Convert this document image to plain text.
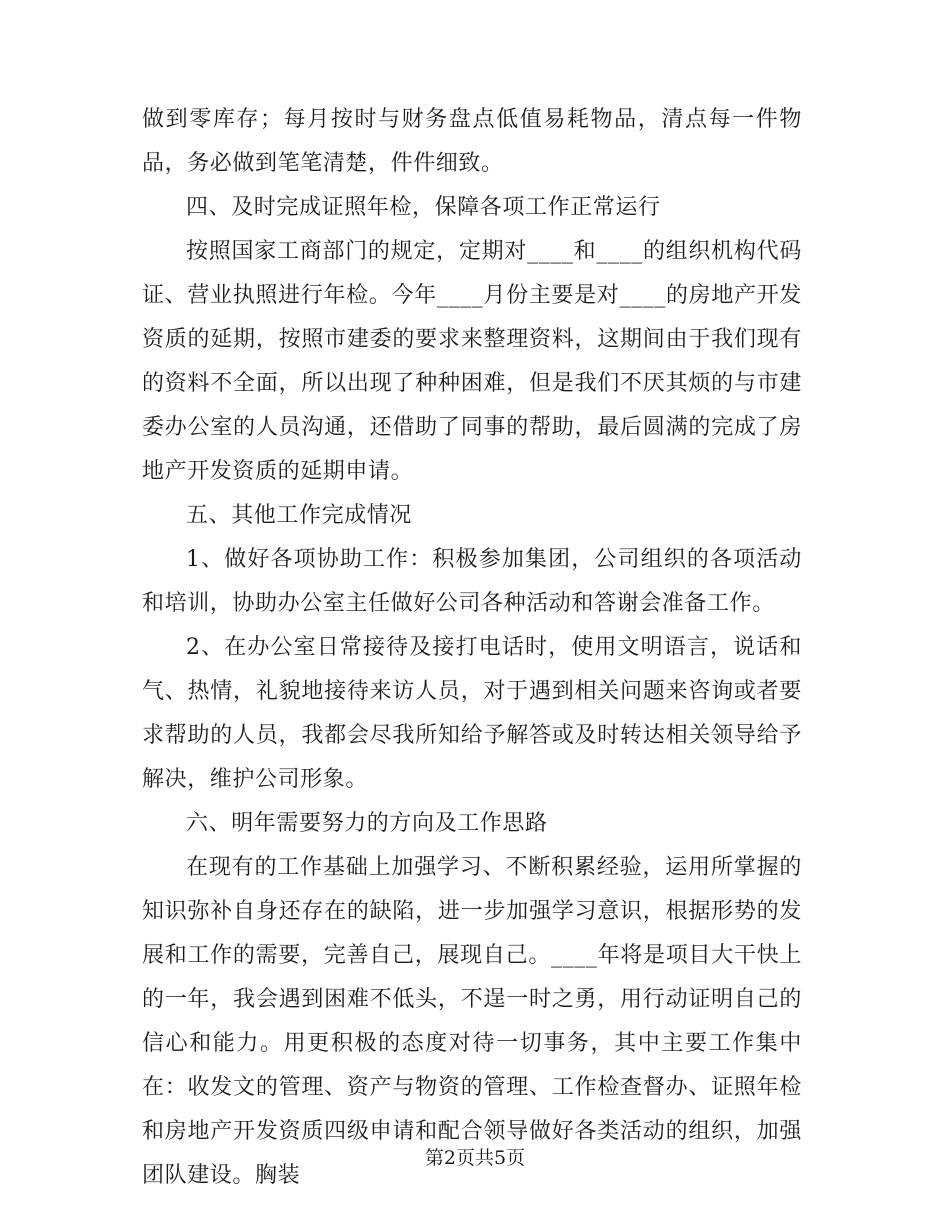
做到零库存；每月按时与财务盘点低值易耗物品，清点每一件物品，务必做到笔笔清楚，件件细致。

四、及时完成证照年检，保障各项工作正常运行

按照国家工商部门的规定，定期对____和____的组织机构代码证、营业执照进行年检。今年____月份主要是对____的房地产开发资质的延期，按照市建委的要求来整理资料，这期间由于我们现有的资料不全面，所以出现了种种困难，但是我们不厌其烦的与市建委办公室的人员沟通，还借助了同事的帮助，最后圆满的完成了房地产开发资质的延期申请。

五、其他工作完成情况

1、做好各项协助工作：积极参加集团，公司组织的各项活动和培训，协助办公室主任做好公司各种活动和答谢会准备工作。

2、在办公室日常接待及接打电话时，使用文明语言，说话和气、热情，礼貌地接待来访人员，对于遇到相关问题来咨询或者要求帮助的人员，我都会尽我所知给予解答或及时转达相关领导给予解决，维护公司形象。

六、明年需要努力的方向及工作思路

在现有的工作基础上加强学习、不断积累经验，运用所掌握的知识弥补自身还存在的缺陷，进一步加强学习意识，根据形势的发展和工作的需要，完善自己，展现自己。____年将是项目大干快上的一年，我会遇到困难不低头，不逞一时之勇，用行动证明自己的信心和能力。用更积极的态度对待一切事务，其中主要工作集中在：收发文的管理、资产与物资的管理、工作检查督办、证照年检和房地产开发资质四级申请和配合领导做好各类活动的组织，加强团队建设。胸装

第2页共5页
